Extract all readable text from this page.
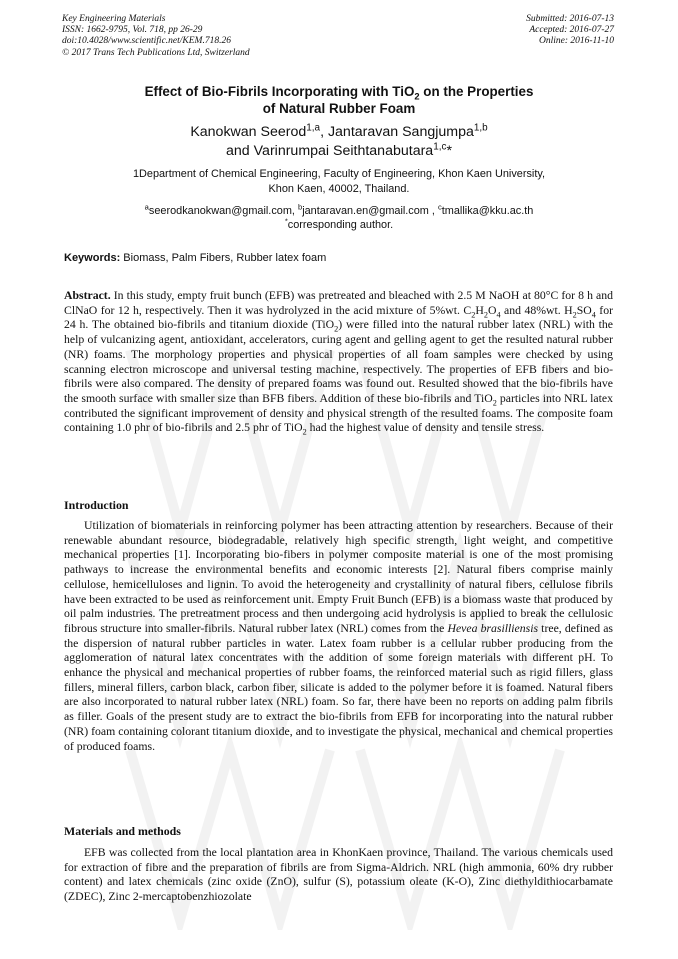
Key Engineering Materials
ISSN: 1662-9795, Vol. 718, pp 26-29
doi:10.4028/www.scientific.net/KEM.718.26
© 2017 Trans Tech Publications Ltd, Switzerland
Submitted: 2016-07-13
Accepted: 2016-07-27
Online: 2016-11-10
Effect of Bio-Fibrils Incorporating with TiO$_2$ on the Properties
of Natural Rubber Foam
Kanokwan Seerod$^{1,a}$, Jantaravan Sangjumpa$^{1,b}$
and Varinrumpai Seithtanabutara$^{1,c}$*
1Department of Chemical Engineering, Faculty of Engineering, Khon Kaen University,
Khon Kaen, 40002, Thailand.
$^a$seerodkanokwan@gmail.com, $^b$jantaravan.en@gmail.com , $^c$tmallika@kku.ac.th
*corresponding author.
Keywords: Biomass, Palm Fibers, Rubber latex foam
Abstract. In this study, empty fruit bunch (EFB) was pretreated and bleached with 2.5 M NaOH at 80°C for 8 h and ClNaO for 12 h, respectively. Then it was hydrolyzed in the acid mixture of 5%wt. $C_2H_2O_4$ and 48%wt. $H_2SO_4$ for 24 h. The obtained bio-fibrils and titanium dioxide (TiO$_2$) were filled into the natural rubber latex (NRL) with the help of vulcanizing agent, antioxidant, accelerators, curing agent and gelling agent to get the resulted natural rubber (NR) foams. The morphology properties and physical properties of all foam samples were checked by using scanning electron microscope and universal testing machine, respectively. The properties of EFB fibers and bio-fibrils were also compared. The density of prepared foams was found out. Resulted showed that the bio-fibrils have the smooth surface with smaller size than BFB fibers. Addition of these bio-fibrils and TiO$_2$ particles into NRL latex contributed the significant improvement of density and physical strength of the resulted foams. The composite foam containing 1.0 phr of bio-fibrils and 2.5 phr of TiO$_2$ had the highest value of density and tensile stress.
Introduction
Utilization of biomaterials in reinforcing polymer has been attracting attention by researchers. Because of their renewable abundant resource, biodegradable, relatively high specific strength, light weight, and competitive mechanical properties [1]. Incorporating bio-fibers in polymer composite material is one of the most promising pathways to increase the environmental benefits and economic interests [2]. Natural fibers comprise mainly cellulose, hemicelluloses and lignin. To avoid the heterogeneity and crystallinity of natural fibers, cellulose fibrils have been extracted to be used as reinforcement unit. Empty Fruit Bunch (EFB) is a biomass waste that produced by oil palm industries. The pretreatment process and then undergoing acid hydrolysis is applied to break the cellulosic fibrous structure into smaller-fibrils. Natural rubber latex (NRL) comes from the Hevea brasilliensis tree, defined as the dispersion of natural rubber particles in water. Latex foam rubber is a cellular rubber producing from the agglomeration of natural latex concentrates with the addition of some foreign materials with different pH. To enhance the physical and mechanical properties of rubber foams, the reinforced material such as rigid fillers, glass fillers, mineral fillers, carbon black, carbon fiber, silicate is added to the polymer before it is foamed. Natural fibers are also incorporated to natural rubber latex (NRL) foam. So far, there have been no reports on adding palm fibrils as filler. Goals of the present study are to extract the bio-fibrils from EFB for incorporating into the natural rubber (NR) foam containing colorant titanium dioxide, and to investigate the physical, mechanical and chemical properties of produced foams.
Materials and methods
EFB was collected from the local plantation area in KhonKaen province, Thailand. The various chemicals used for extraction of fibre and the preparation of fibrils are from Sigma-Aldrich. NRL (high ammonia, 60% dry rubber content) and latex chemicals (zinc oxide (ZnO), sulfur (S), potassium oleate (K-O), Zinc diethyldithiocarbamate (ZDEC), Zinc 2-mercaptobenzhiozolate
